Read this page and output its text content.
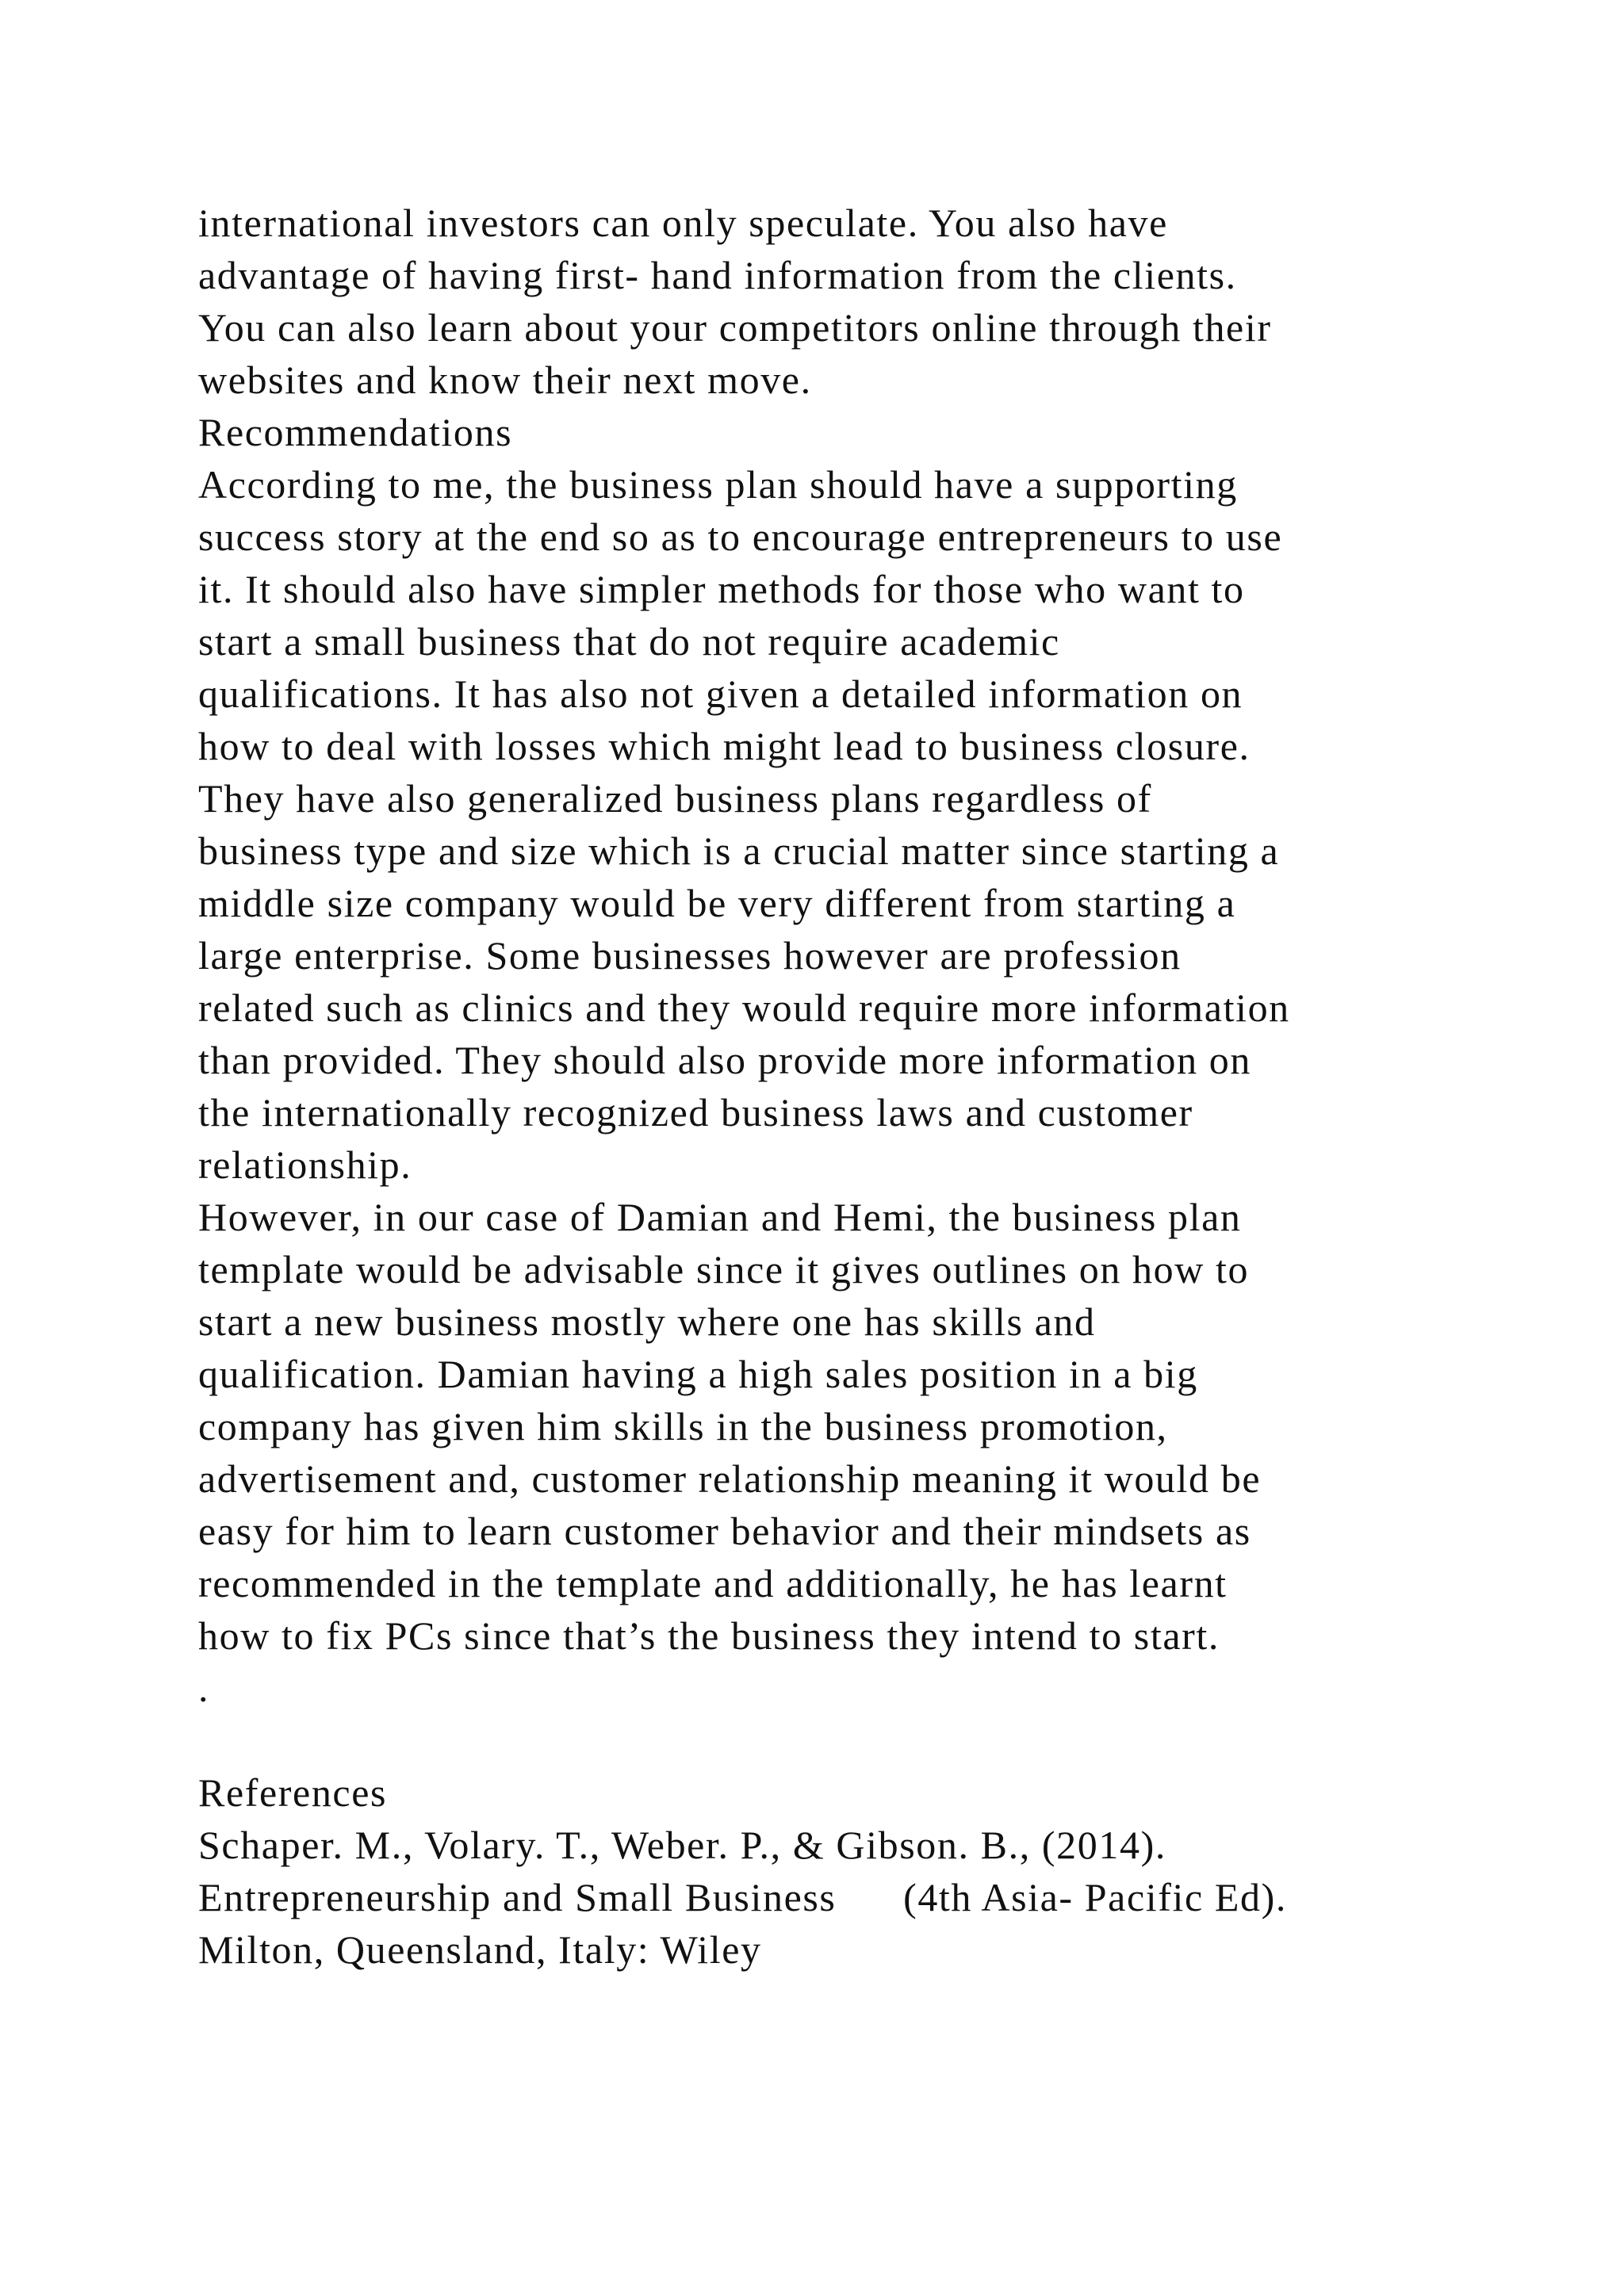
international investors can only speculate. You also have
advantage of having first- hand information from the clients.
You can also learn about your competitors online through their
websites and know their next move.
Recommendations
According to me, the business plan should have a supporting
success story at the end so as to encourage entrepreneurs to use
it. It should also have simpler methods for those who want to
start a small business that do not require academic
qualifications. It has also not given a detailed information on
how to deal with losses which might lead to business closure.
They have also generalized business plans regardless of
business type and size which is a crucial matter since starting a
middle size company would be very different from starting a
large enterprise. Some businesses however are profession
related such as clinics and they would require more information
than provided. They should also provide more information on
the internationally recognized business laws and customer
relationship.
However, in our case of Damian and Hemi, the business plan
template would be advisable since it gives outlines on how to
start a new business mostly where one has skills and
qualification. Damian having a high sales position in a big
company has given him skills in the business promotion,
advertisement and, customer relationship meaning it would be
easy for him to learn customer behavior and their mindsets as
recommended in the template and additionally, he has learnt
how to fix PCs since that’s the business they intend to start.
.
References
Schaper. M., Volary. T., Weber. P., & Gibson. B., (2014).
Entrepreneurship and Small Business      (4th Asia- Pacific Ed).
Milton, Queensland, Italy: Wiley
